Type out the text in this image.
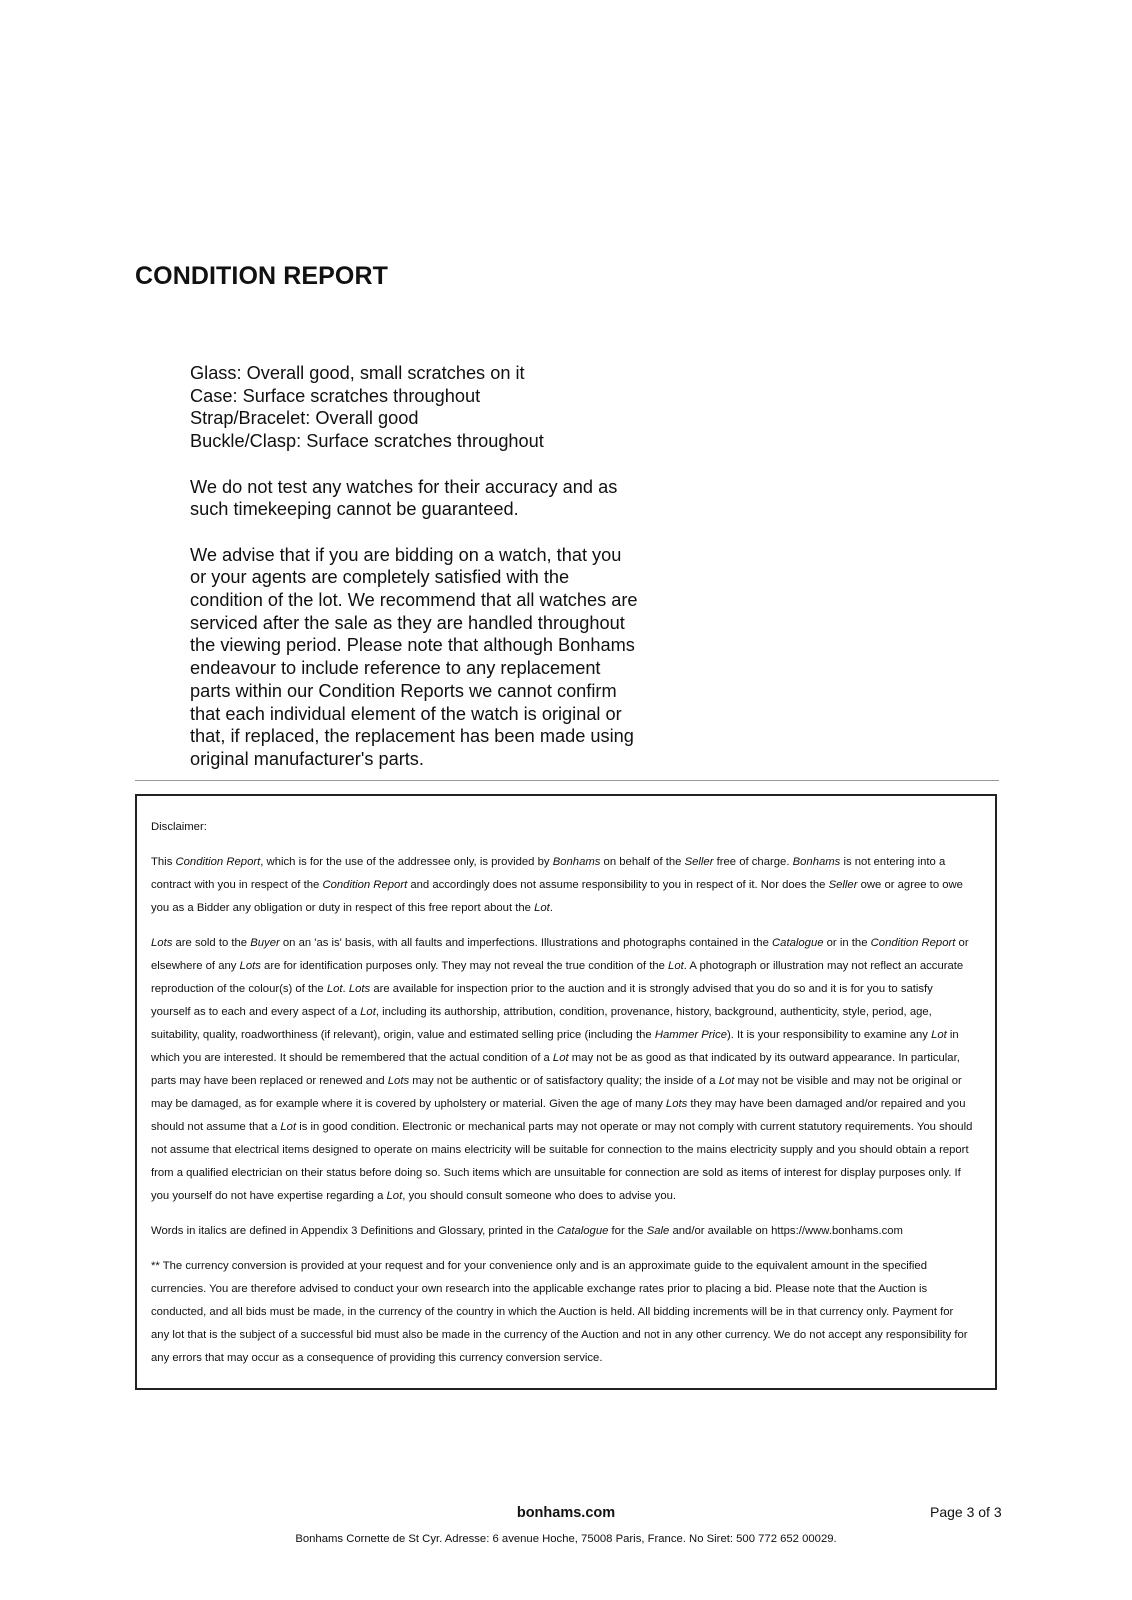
CONDITION REPORT
Glass: Overall good, small scratches on it
Case: Surface scratches throughout
Strap/Bracelet: Overall good
Buckle/Clasp: Surface scratches throughout
We do not test any watches for their accuracy and as
such timekeeping cannot be guaranteed.
We advise that if you are bidding on a watch, that you
or your agents are completely satisfied with the
condition of the lot. We recommend that all watches are
serviced after the sale as they are handled throughout
the viewing period. Please note that although Bonhams
endeavour to include reference to any replacement
parts within our Condition Reports we cannot confirm
that each individual element of the watch is original or
that, if replaced, the replacement has been made using
original manufacturer's parts.

Disclaimer:

This Condition Report, which is for the use of the addressee only, is provided by Bonhams on behalf of the Seller free of charge. Bonhams is not entering into a
contract with you in respect of the Condition Report and accordingly does not assume responsibility to you in respect of it. Nor does the Seller owe or agree to owe
you as a Bidder any obligation or duty in respect of this free report about the Lot.

Lots are sold to the Buyer on an 'as is' basis, with all faults and imperfections. Illustrations and photographs contained in the Catalogue or in the Condition Report or
elsewhere of any Lots are for identification purposes only. They may not reveal the true condition of the Lot. A photograph or illustration may not reflect an accurate
reproduction of the colour(s) of the Lot. Lots are available for inspection prior to the auction and it is strongly advised that you do so and it is for you to satisfy
yourself as to each and every aspect of a Lot, including its authorship, attribution, condition, provenance, history, background, authenticity, style, period, age,
suitability, quality, roadworthiness (if relevant), origin, value and estimated selling price (including the Hammer Price). It is your responsibility to examine any Lot in
which you are interested. It should be remembered that the actual condition of a Lot may not be as good as that indicated by its outward appearance. In particular,
parts may have been replaced or renewed and Lots may not be authentic or of satisfactory quality; the inside of a Lot may not be visible and may not be original or
may be damaged, as for example where it is covered by upholstery or material. Given the age of many Lots they may have been damaged and/or repaired and you
should not assume that a Lot is in good condition. Electronic or mechanical parts may not operate or may not comply with current statutory requirements. You should
not assume that electrical items designed to operate on mains electricity will be suitable for connection to the mains electricity supply and you should obtain a report
from a qualified electrician on their status before doing so. Such items which are unsuitable for connection are sold as items of interest for display purposes only. If
you yourself do not have expertise regarding a Lot, you should consult someone who does to advise you.

Words in italics are defined in Appendix 3 Definitions and Glossary, printed in the Catalogue for the Sale and/or available on https://www.bonhams.com

** The currency conversion is provided at your request and for your convenience only and is an approximate guide to the equivalent amount in the specified
currencies. You are therefore advised to conduct your own research into the applicable exchange rates prior to placing a bid. Please note that the Auction is
conducted, and all bids must be made, in the currency of the country in which the Auction is held. All bidding increments will be in that currency only. Payment for
any lot that is the subject of a successful bid must also be made in the currency of the Auction and not in any other currency. We do not accept any responsibility for
any errors that may occur as a consequence of providing this currency conversion service.

bonhams.com
Bonhams Cornette de St Cyr. Adresse: 6 avenue Hoche, 75008 Paris, France. No Siret: 500 772 652 00029.
Page 3 of 3
